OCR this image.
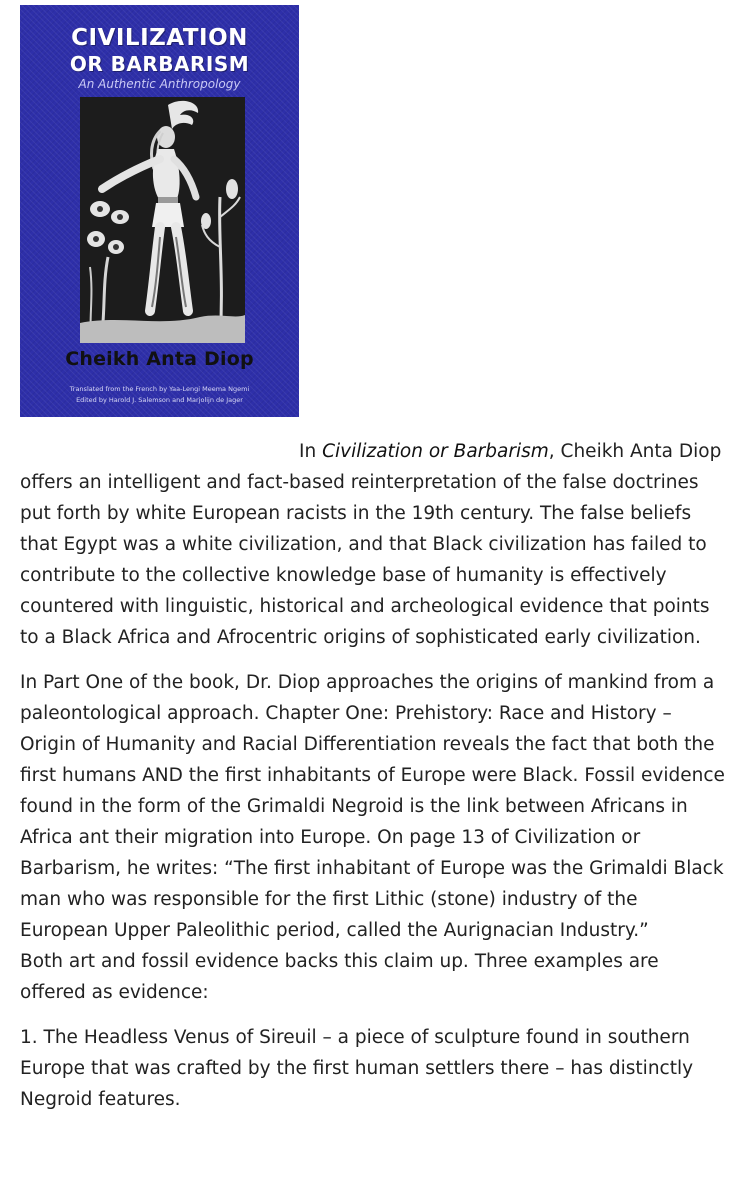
CIVILIZATION
OR BARBARISM
An Authentic Anthropology
Cheikh Anta Diop
Translated from the French by Yaa-Lengi Meema Ngemi
Edited by Harold J. Salemson and Marjolijn de Jager

In Civilization or Barbarism, Cheikh Anta Diop offers an intelligent and fact-based reinterpretation of the false doctrines put forth by white European racists in the 19th century. The false beliefs that Egypt was a white civilization, and that Black civilization has failed to contribute to the collective knowledge base of humanity is effectively countered with linguistic, historical and archeological evidence that points to a Black Africa and Afrocentric origins of sophisticated early civilization.

In Part One of the book, Dr. Diop approaches the origins of mankind from a paleontological approach. Chapter One: Prehistory: Race and History – Origin of Humanity and Racial Differentiation reveals the fact that both the first humans AND the first inhabitants of Europe were Black. Fossil evidence found in the form of the Grimaldi Negroid is the link between Africans in Africa ant their migration into Europe. On page 13 of Civilization or Barbarism, he writes: “The first inhabitant of Europe was the Grimaldi Black man who was responsible for the first Lithic (stone) industry of the European Upper Paleolithic period, called the Aurignacian Industry.”

Both art and fossil evidence backs this claim up. Three examples are offered as evidence:

1. The Headless Venus of Sireuil – a piece of sculpture found in southern Europe that was crafted by the first human settlers there – has distinctly Negroid features.
